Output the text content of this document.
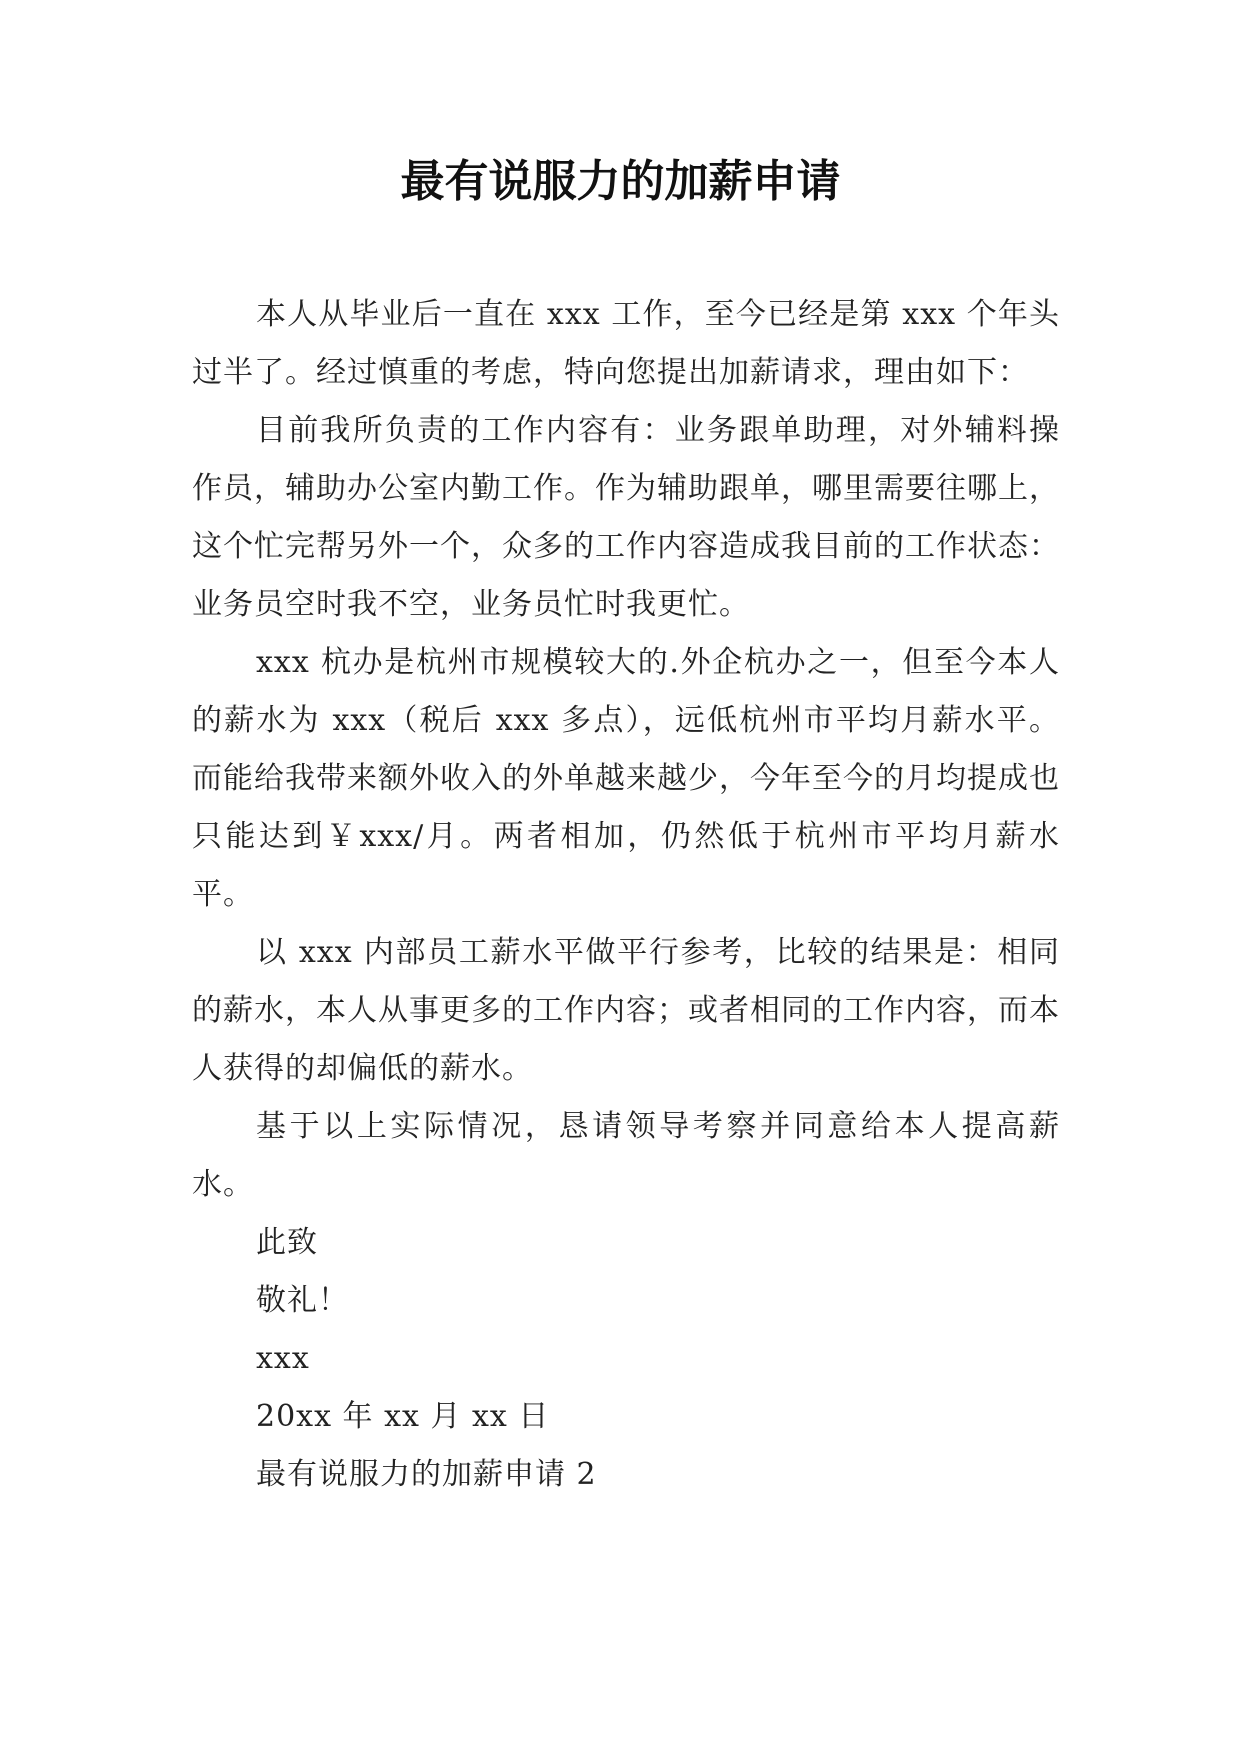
最有说服力的加薪申请

本人从毕业后一直在 xxx 工作，至今已经是第 xxx 个年头过半了。经过慎重的考虑，特向您提出加薪请求，理由如下：

目前我所负责的工作内容有：业务跟单助理，对外辅料操作员，辅助办公室内勤工作。作为辅助跟单，哪里需要往哪上，这个忙完帮另外一个，众多的工作内容造成我目前的工作状态：业务员空时我不空，业务员忙时我更忙。

xxx 杭办是杭州市规模较大的.外企杭办之一，但至今本人的薪水为 xxx（税后 xxx 多点），远低杭州市平均月薪水平。而能给我带来额外收入的外单越来越少，今年至今的月均提成也只能达到￥xxx/月。两者相加，仍然低于杭州市平均月薪水平。

以 xxx 内部员工薪水平做平行参考，比较的结果是：相同的薪水，本人从事更多的工作内容；或者相同的工作内容，而本人获得的却偏低的薪水。

基于以上实际情况，恳请领导考察并同意给本人提高薪水。

此致

敬礼！

xxx

20xx 年 xx 月 xx 日

最有说服力的加薪申请 2
